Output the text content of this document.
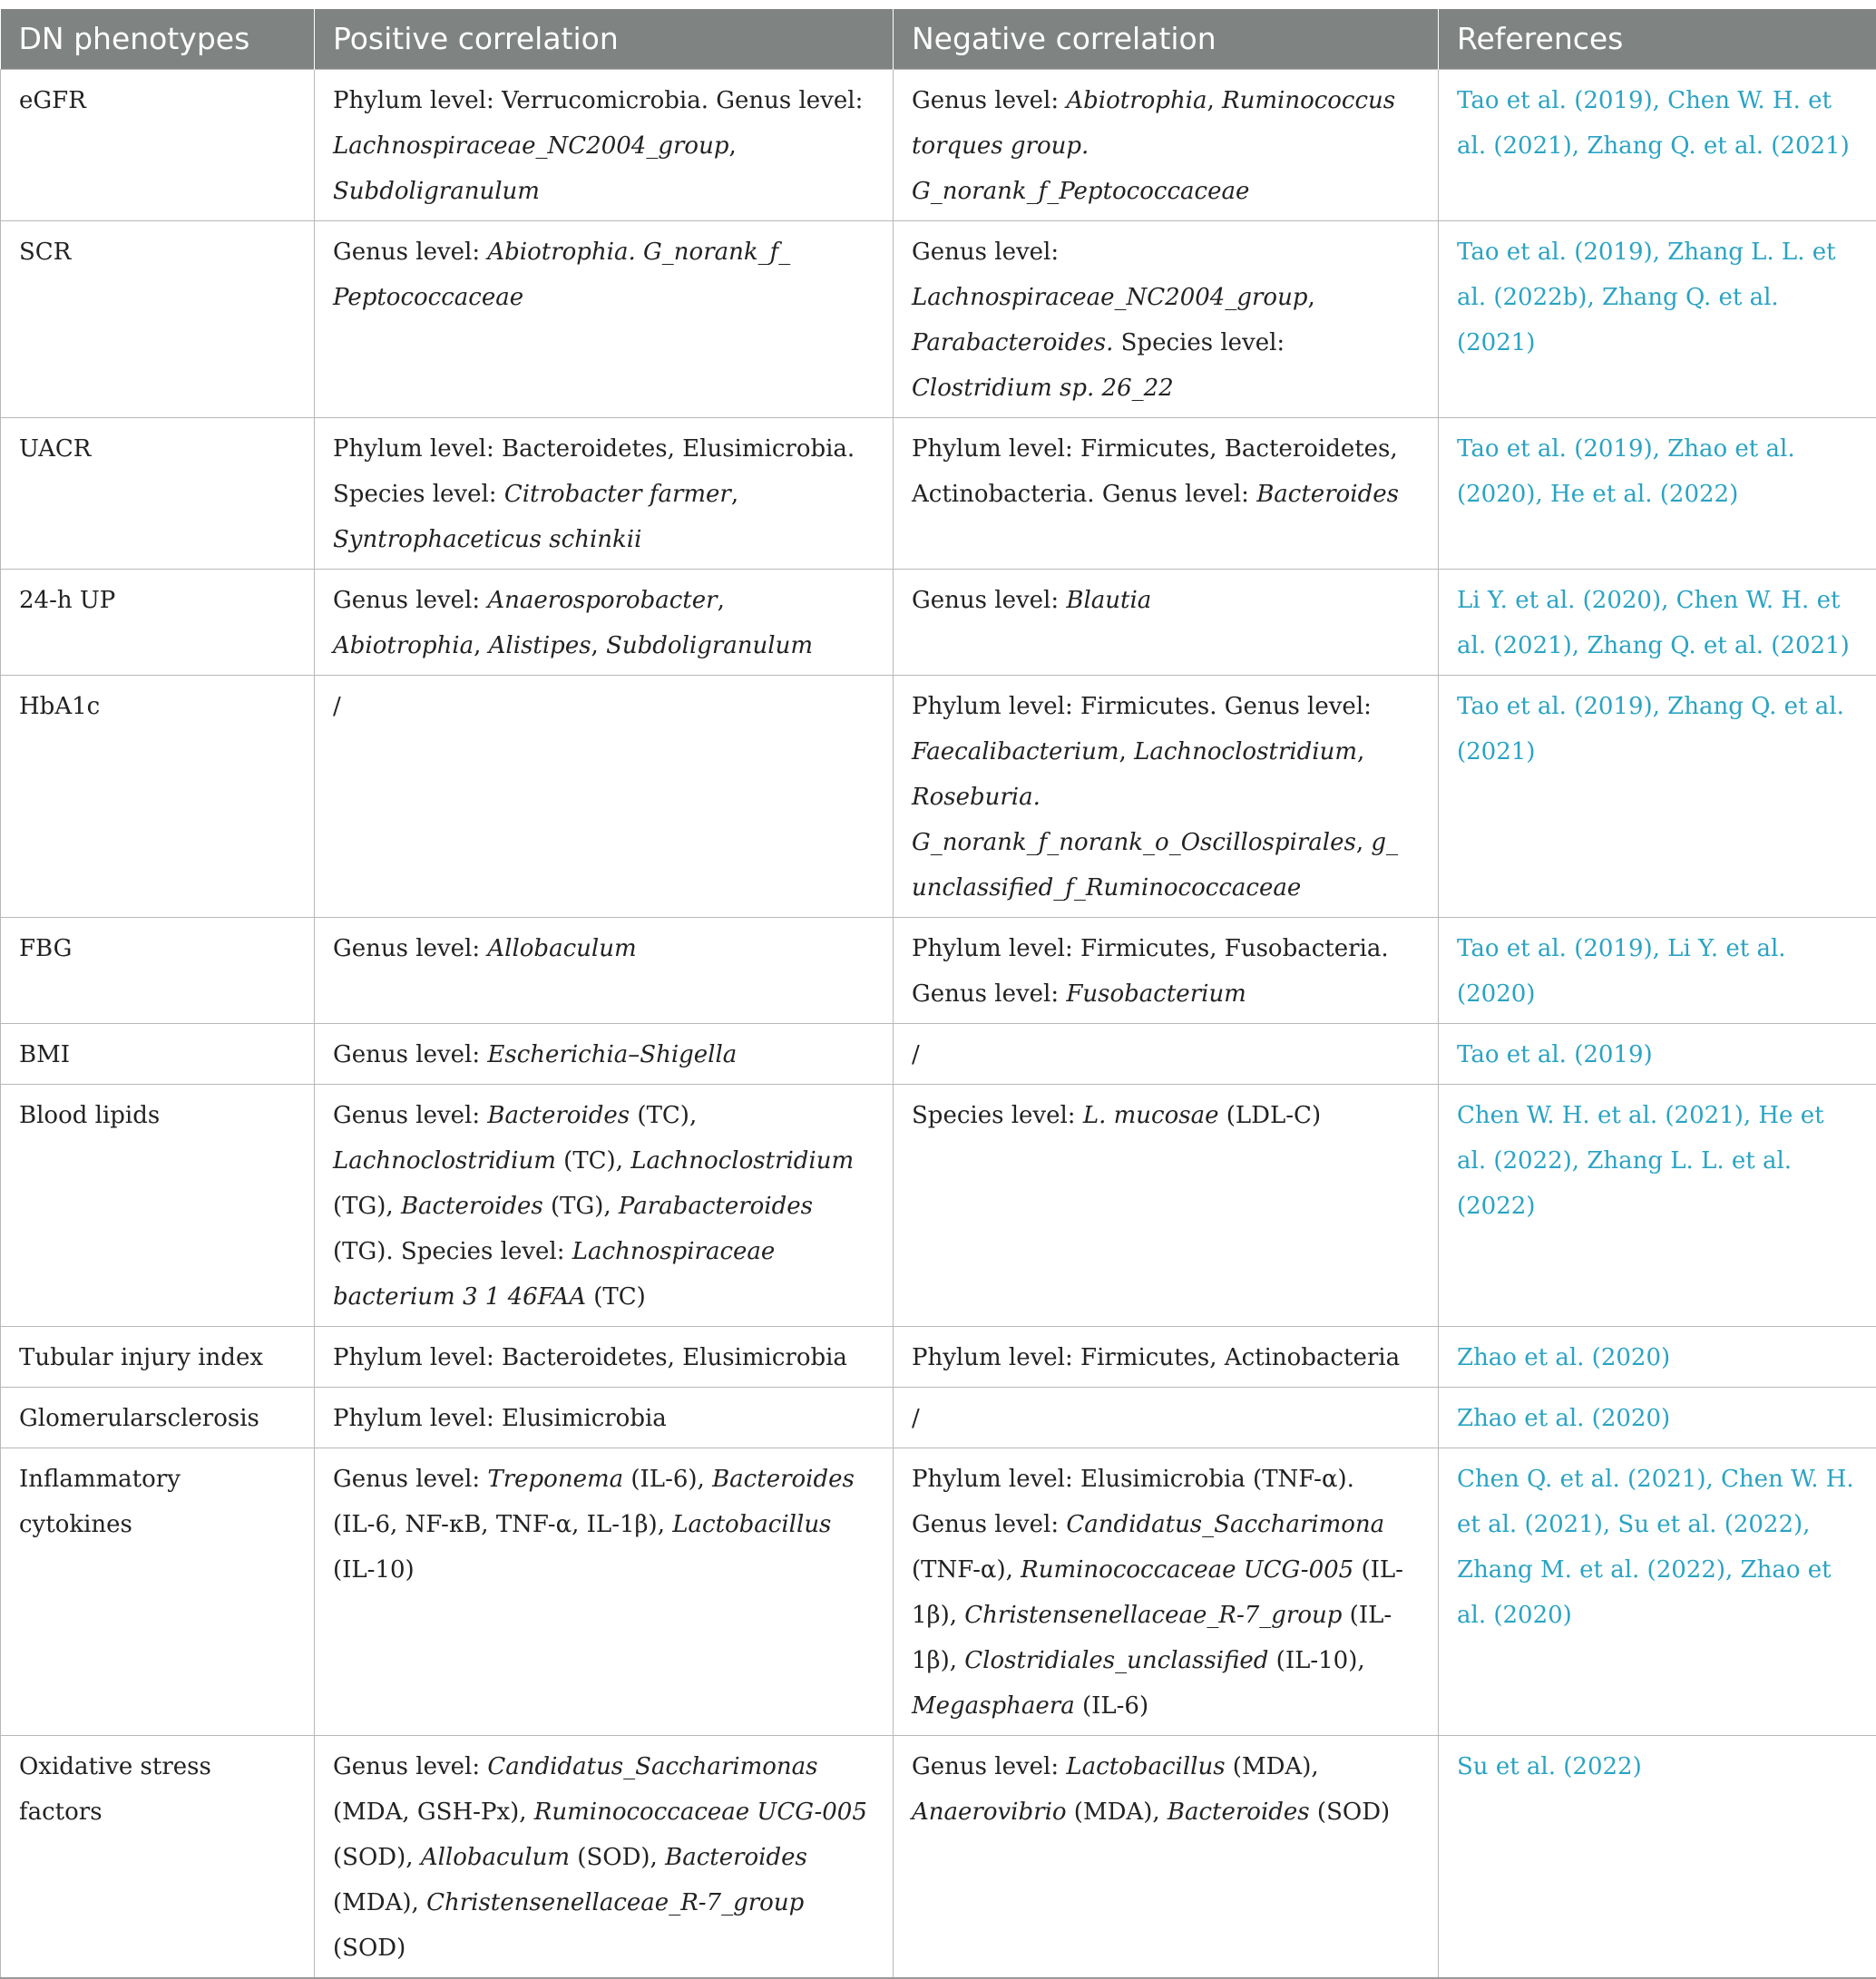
DN phenotypes	Positive correlation	Negative correlation	References
eGFR	Phylum level: Verrucomicrobia. Genus level: Lachnospiraceae_NC2004_group, Subdoligranulum	Genus level: Abiotrophia, Ruminococcus torques group. G_norank_f_Peptococcaceae	Tao et al. (2019), Chen W. H. et al. (2021), Zhang Q. et al. (2021)
SCR	Genus level: Abiotrophia. G_norank_f_ Peptococcaceae	Genus level: Lachnospiraceae_NC2004_group, Parabacteroides. Species level: Clostridium sp. 26_22	Tao et al. (2019), Zhang L. L. et al. (2022b), Zhang Q. et al. (2021)
UACR	Phylum level: Bacteroidetes, Elusimicrobia. Species level: Citrobacter farmer, Syntrophaceticus schinkii	Phylum level: Firmicutes, Bacteroidetes, Actinobacteria. Genus level: Bacteroides	Tao et al. (2019), Zhao et al. (2020), He et al. (2022)
24-h UP	Genus level: Anaerosporobacter, Abiotrophia, Alistipes, Subdoligranulum	Genus level: Blautia	Li Y. et al. (2020), Chen W. H. et al. (2021), Zhang Q. et al. (2021)
HbA1c	/	Phylum level: Firmicutes. Genus level: Faecalibacterium, Lachnoclostridium, Roseburia. G_norank_f_norank_o_Oscillospirales, g_ unclassified_f_Ruminococcaceae	Tao et al. (2019), Zhang Q. et al. (2021)
FBG	Genus level: Allobaculum	Phylum level: Firmicutes, Fusobacteria. Genus level: Fusobacterium	Tao et al. (2019), Li Y. et al. (2020)
BMI	Genus level: Escherichia–Shigella	/	Tao et al. (2019)
Blood lipids	Genus level: Bacteroides (TC), Lachnoclostridium (TC), Lachnoclostridium (TG), Bacteroides (TG), Parabacteroides (TG). Species level: Lachnospiraceae bacterium 3 1 46FAA (TC)	Species level: L. mucosae (LDL-C)	Chen W. H. et al. (2021), He et al. (2022), Zhang L. L. et al. (2022)
Tubular injury index	Phylum level: Bacteroidetes, Elusimicrobia	Phylum level: Firmicutes, Actinobacteria	Zhao et al. (2020)
Glomerularsclerosis	Phylum level: Elusimicrobia	/	Zhao et al. (2020)
Inflammatory cytokines	Genus level: Treponema (IL-6), Bacteroides (IL-6, NF-κB, TNF-α, IL-1β), Lactobacillus (IL-10)	Phylum level: Elusimicrobia (TNF-α). Genus level: Candidatus_Saccharimona (TNF-α), Ruminococcaceae UCG-005 (IL-1β), Christensenellaceae_R-7_group (IL-1β), Clostridiales_unclassified (IL-10), Megasphaera (IL-6)	Chen Q. et al. (2021), Chen W. H. et al. (2021), Su et al. (2022), Zhang M. et al. (2022), Zhao et al. (2020)
Oxidative stress factors	Genus level: Candidatus_Saccharimonas (MDA, GSH-Px), Ruminococcaceae UCG-005 (SOD), Allobaculum (SOD), Bacteroides (MDA), Christensenellaceae_R-7_group (SOD)	Genus level: Lactobacillus (MDA), Anaerovibrio (MDA), Bacteroides (SOD)	Su et al. (2022)
